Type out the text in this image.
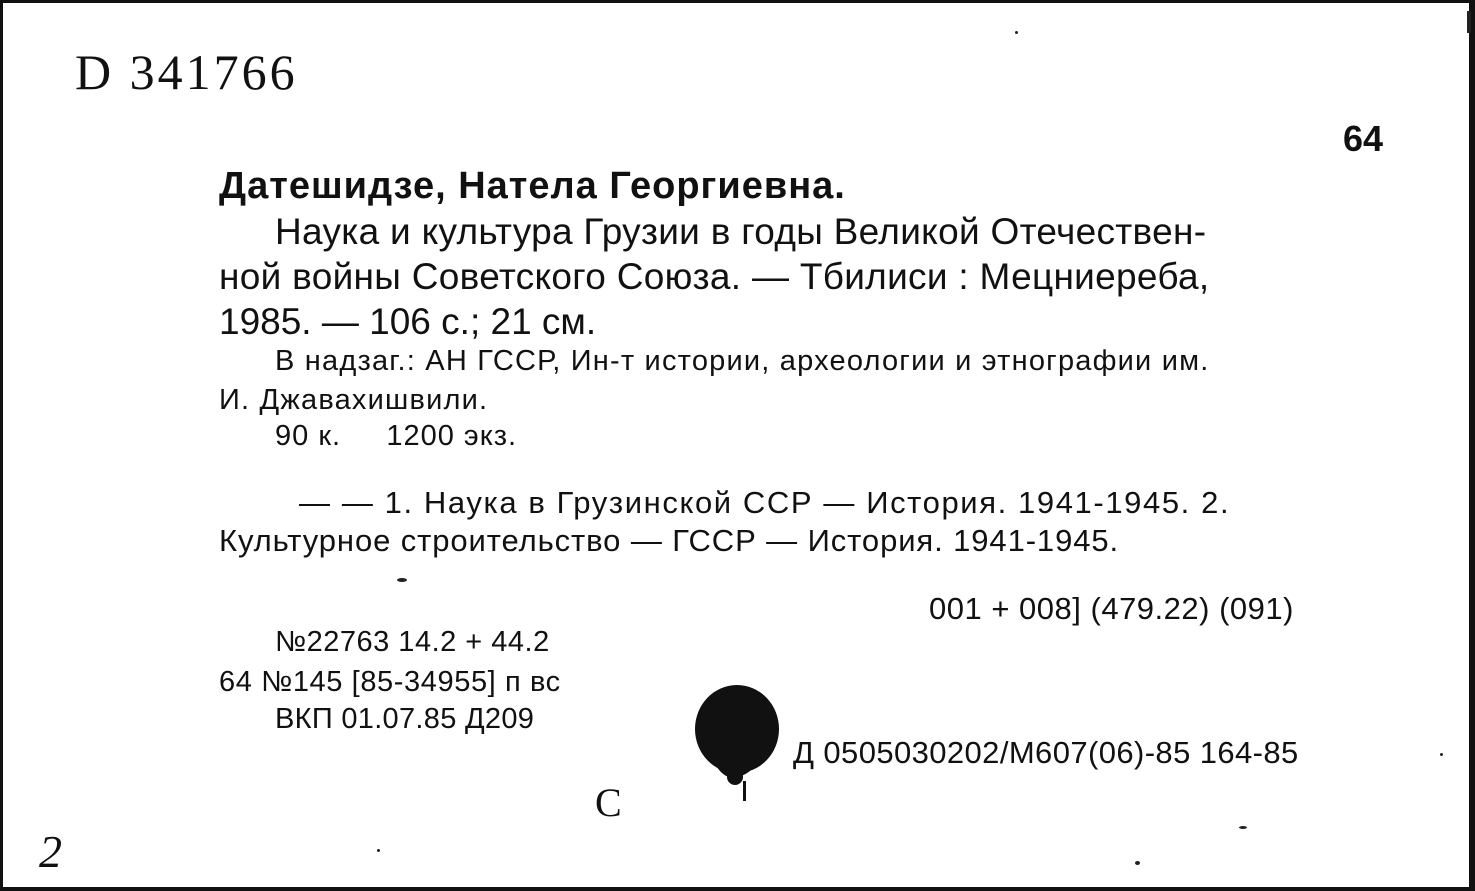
D 341766
64
Датешидзе, Натела Георгиевна.
Наука и культура Грузии в годы Великой Отечествен-
ной войны Советского Союза. — Тбилиси : Мецниереба,
1985. — 106 с.; 21 см.
В надзаг.: АН ГССР, Ин-т истории, археологии и этнографии им.
И. Джавахишвили.
90 к.     1200 экз.
— — 1. Наука в Грузинской ССР — История. 1941-1945. 2.
Культурное строительство — ГССР — История. 1941-1945.
001 + 008] (479.22) (091)
№22763 14.2 + 44.2
64 №145 [85-34955] п вс
ВКП 01.07.85 Д209
Д 0505030202/М607(06)-85 164-85
С
2
